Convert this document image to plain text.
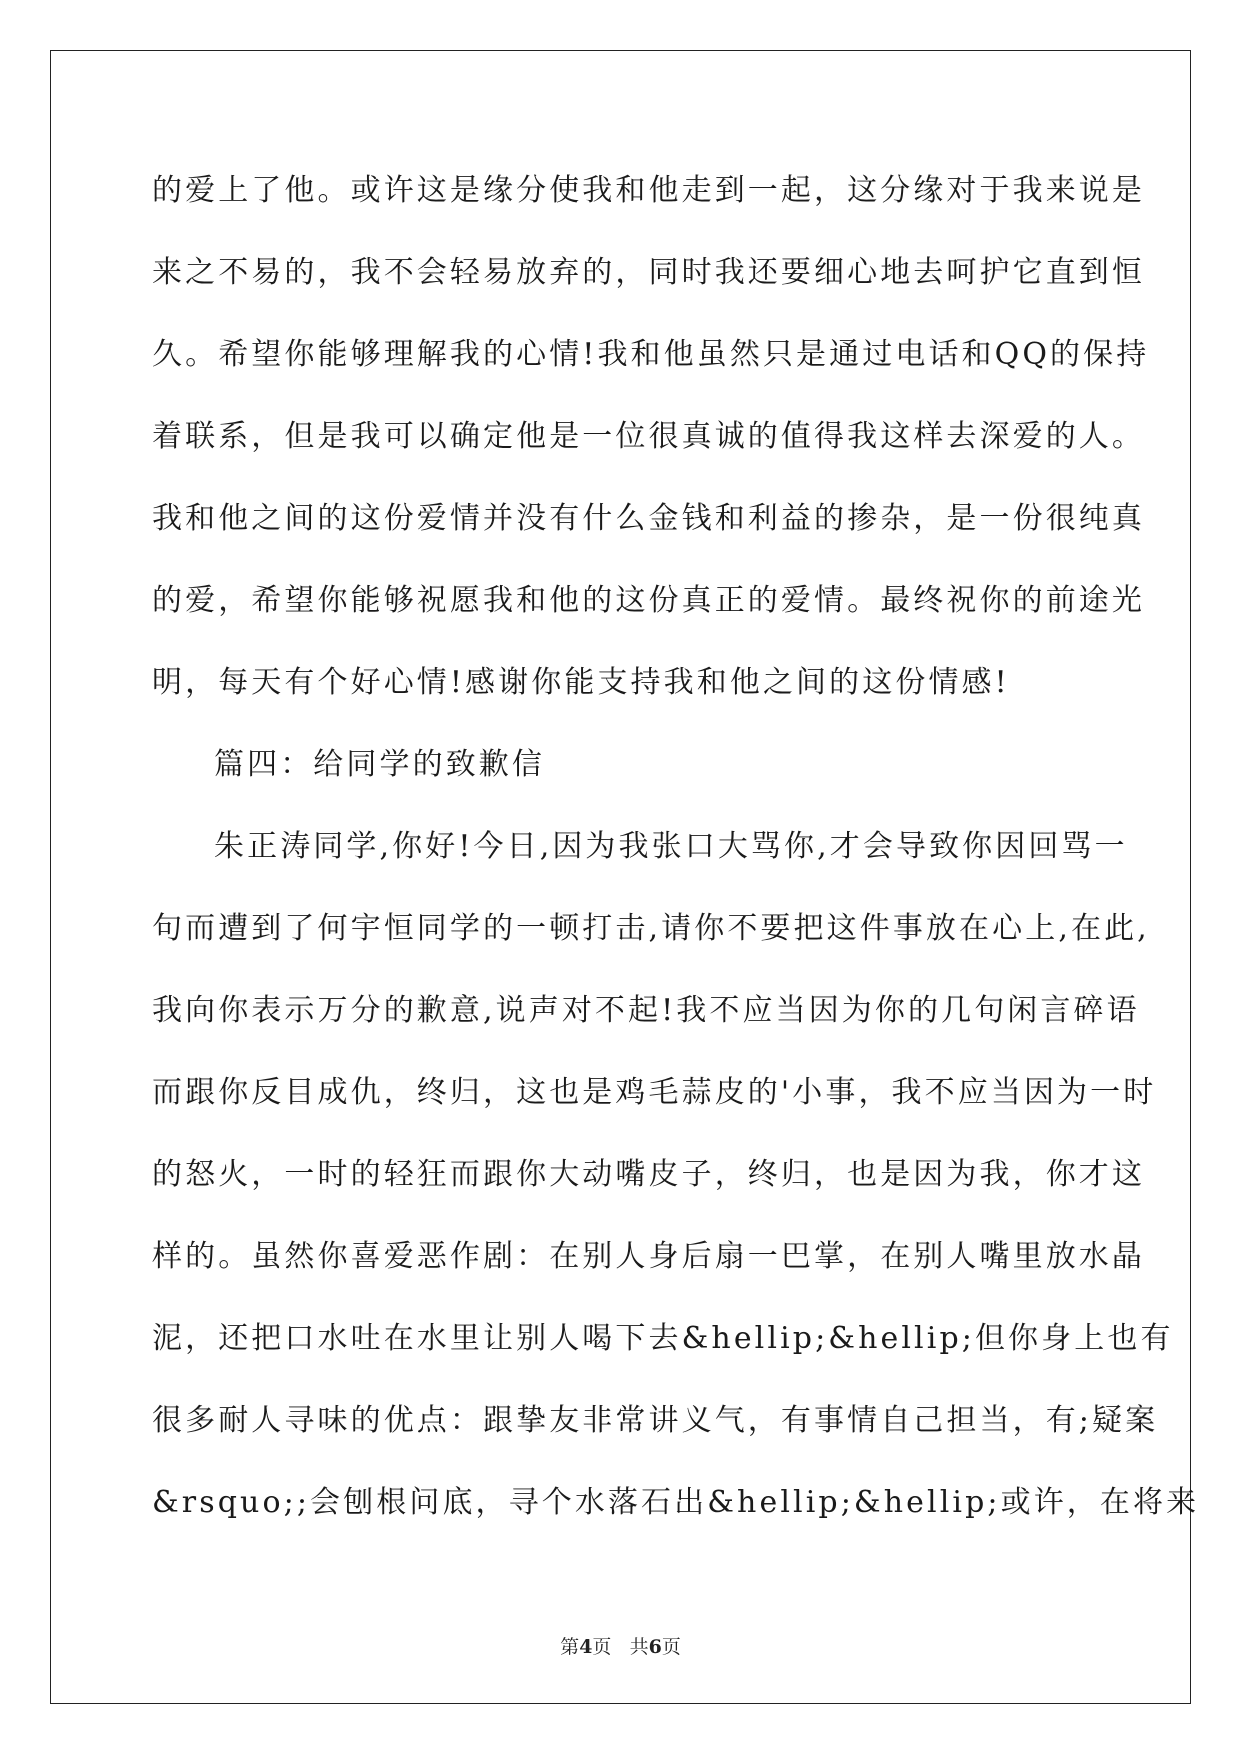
的爱上了他。或许这是缘分使我和他走到一起，这分缘对于我来说是
来之不易的，我不会轻易放弃的，同时我还要细心地去呵护它直到恒
久。希望你能够理解我的心情!我和他虽然只是通过电话和QQ的保持
着联系，但是我可以确定他是一位很真诚的值得我这样去深爱的人。
我和他之间的这份爱情并没有什么金钱和利益的掺杂，是一份很纯真
的爱，希望你能够祝愿我和他的这份真正的爱情。最终祝你的前途光
明，每天有个好心情!感谢你能支持我和他之间的这份情感!
篇四：给同学的致歉信
朱正涛同学,你好!今日,因为我张口大骂你,才会导致你因回骂一
句而遭到了何宇恒同学的一顿打击,请你不要把这件事放在心上,在此,
我向你表示万分的歉意,说声对不起!我不应当因为你的几句闲言碎语
而跟你反目成仇，终归，这也是鸡毛蒜皮的'小事，我不应当因为一时
的怒火，一时的轻狂而跟你大动嘴皮子，终归，也是因为我，你才这
样的。虽然你喜爱恶作剧：在别人身后扇一巴掌，在别人嘴里放水晶
泥，还把口水吐在水里让别人喝下去&hellip;&hellip;但你身上也有
很多耐人寻味的优点：跟挚友非常讲义气，有事情自己担当，有;疑案
&rsquo;;会刨根问底，寻个水落石出&hellip;&hellip;或许，在将来
第4页 共6页
